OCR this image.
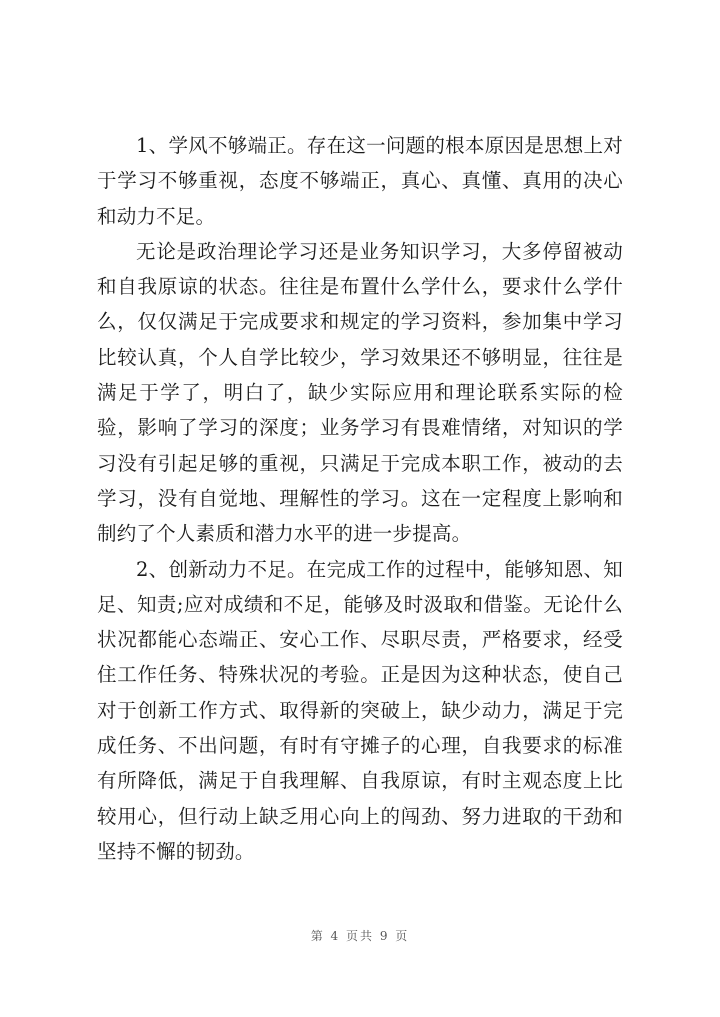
1、学风不够端正。存在这一问题的根本原因是思想上对于学习不够重视，态度不够端正，真心、真懂、真用的决心和动力不足。

无论是政治理论学习还是业务知识学习，大多停留被动和自我原谅的状态。往往是布置什么学什么，要求什么学什么，仅仅满足于完成要求和规定的学习资料，参加集中学习比较认真，个人自学比较少，学习效果还不够明显，往往是满足于学了，明白了，缺少实际应用和理论联系实际的检验，影响了学习的深度；业务学习有畏难情绪，对知识的学习没有引起足够的重视，只满足于完成本职工作，被动的去学习，没有自觉地、理解性的学习。这在一定程度上影响和制约了个人素质和潜力水平的进一步提高。

2、创新动力不足。在完成工作的过程中，能够知恩、知足、知责;应对成绩和不足，能够及时汲取和借鉴。无论什么状况都能心态端正、安心工作、尽职尽责，严格要求，经受住工作任务、特殊状况的考验。正是因为这种状态，使自己对于创新工作方式、取得新的突破上，缺少动力，满足于完成任务、不出问题，有时有守摊子的心理，自我要求的标准有所降低，满足于自我理解、自我原谅，有时主观态度上比较用心，但行动上缺乏用心向上的闯劲、努力进取的干劲和坚持不懈的韧劲。

第 4 页共 9 页
